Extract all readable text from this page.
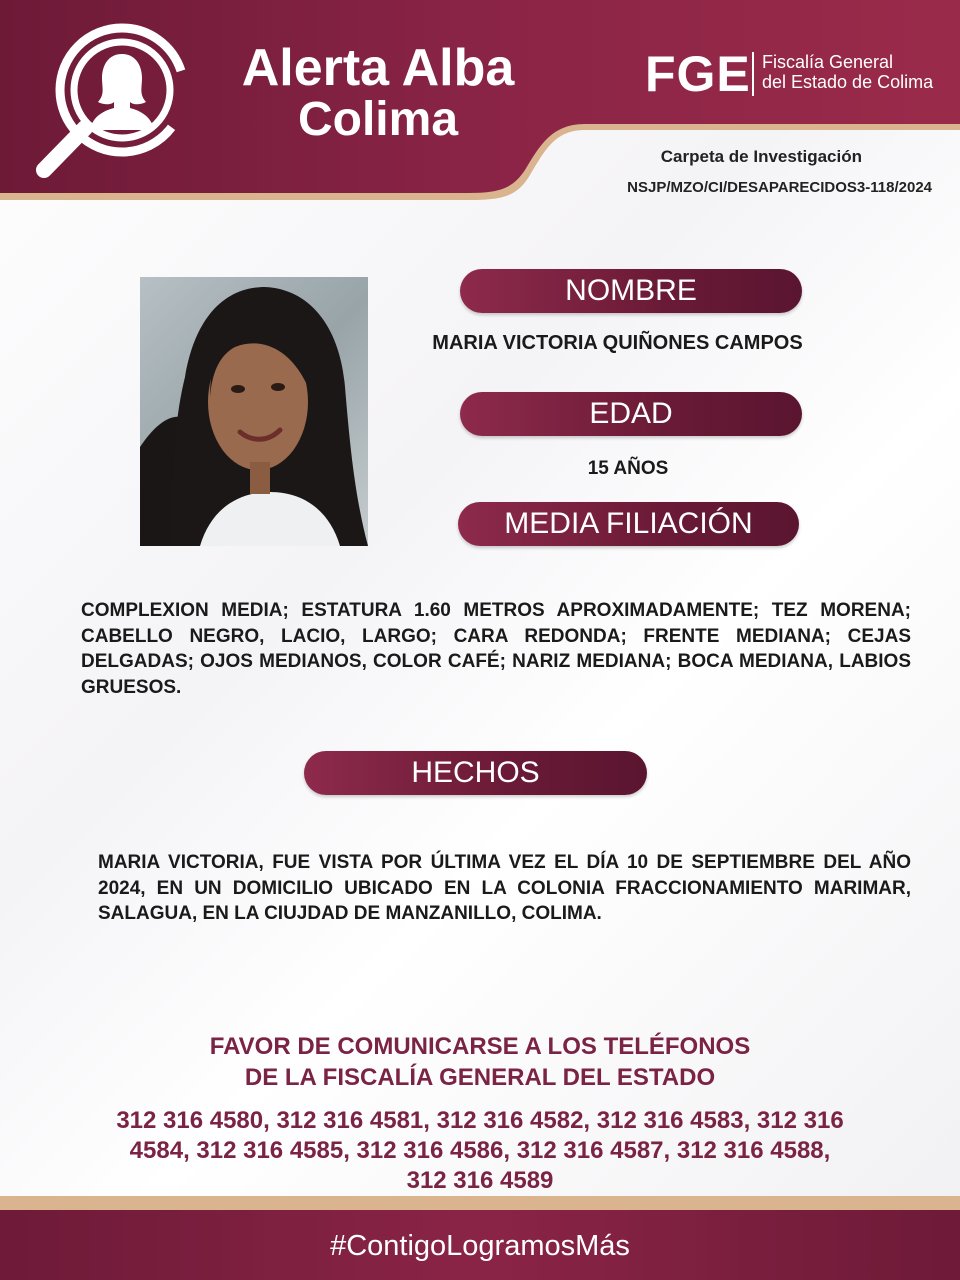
Alerta Alba
Colima
FGE Fiscalía General
del Estado de Colima
Carpeta de Investigación
NSJP/MZO/CI/DESAPARECIDOS3-118/2024
NOMBRE
MARIA VICTORIA QUIÑONES CAMPOS
EDAD
15 AÑOS
MEDIA FILIACIÓN
COMPLEXION MEDIA; ESTATURA 1.60 METROS APROXIMADAMENTE; TEZ MORENA; CABELLO NEGRO, LACIO, LARGO; CARA REDONDA; FRENTE MEDIANA; CEJAS DELGADAS; OJOS MEDIANOS, COLOR CAFÉ; NARIZ MEDIANA; BOCA MEDIANA, LABIOS GRUESOS.
HECHOS
MARIA VICTORIA, FUE VISTA POR ÚLTIMA VEZ EL DÍA 10 DE SEPTIEMBRE DEL AÑO 2024, EN UN DOMICILIO UBICADO EN LA COLONIA FRACCIONAMIENTO MARIMAR, SALAGUA, EN LA CIUJDAD DE MANZANILLO, COLIMA.
FAVOR DE COMUNICARSE A LOS TELÉFONOS
DE LA FISCALÍA GENERAL DEL ESTADO
312 316 4580, 312 316 4581, 312 316 4582, 312 316 4583, 312 316
4584, 312 316 4585, 312 316 4586, 312 316 4587, 312 316 4588,
312 316 4589
#ContigoLogramosMás
